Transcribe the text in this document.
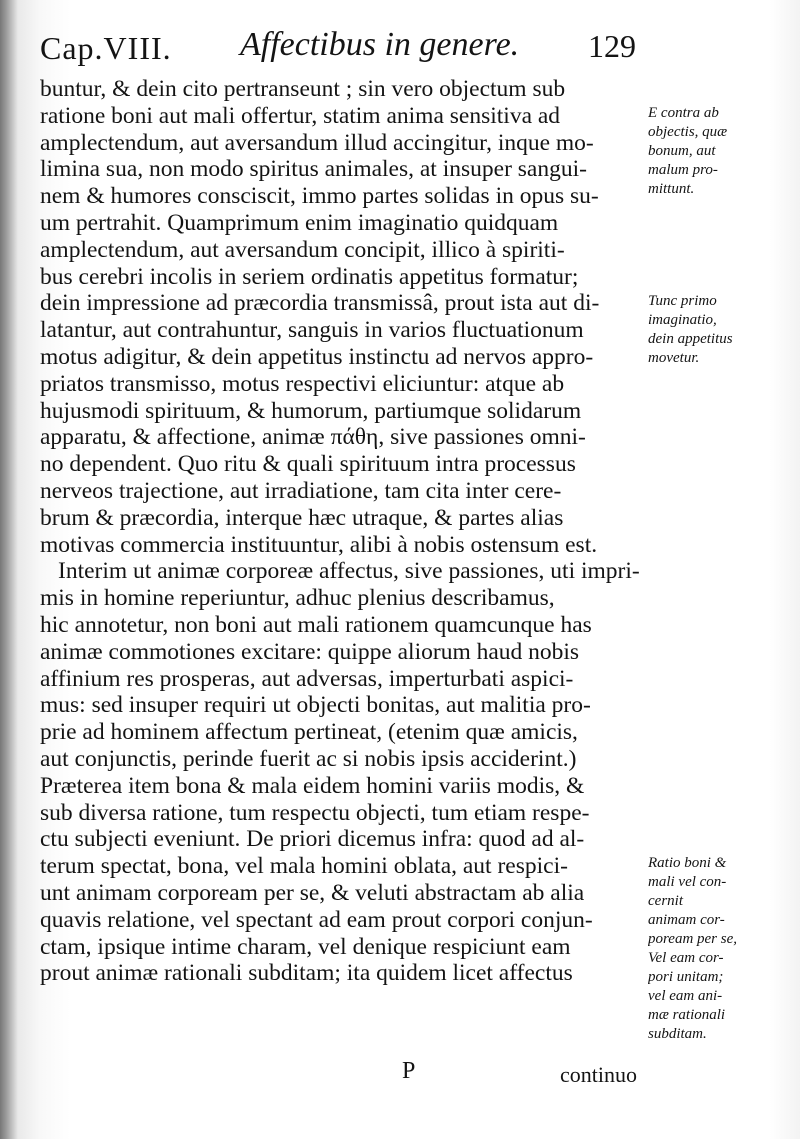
Cap.VIII. Affectibus in genere. 129
buntur, & dein cito pertranseunt ; sin vero objectum sub
ratione boni aut mali offertur, statim anima sensitiva ad
amplectendum, aut aversandum illud accingitur, inque mo-
limina sua, non modo spiritus animales, at insuper sangui-
nem & humores consciscit, immo partes solidas in opus su-
um pertrahit. Quamprimum enim imaginatio quidquam
amplectendum, aut aversandum concipit, illico à spiriti-
bus cerebri incolis in seriem ordinatis appetitus formatur;
dein impressione ad præcordia transmissâ, prout ista aut di-
latantur, aut contrahuntur, sanguis in varios fluctuationum
motus adigitur, & dein appetitus instinctu ad nervos appro-
priatos transmisso, motus respectivi eliciuntur: atque ab
hujusmodi spirituum, & humorum, partiumque solidarum
apparatu, & affectione, animæ πάθη, sive passiones omni-
no dependent. Quo ritu & quali spirituum intra processus
nerveos trajectione, aut irradiatione, tam cita inter cere-
brum & præcordia, interque hæc utraque, & partes alias
motivas commercia instituuntur, alibi à nobis ostensum est.
Interim ut animæ corporeæ affectus, sive passiones, uti impri-
mis in homine reperiuntur, adhuc plenius describamus,
hic annotetur, non boni aut mali rationem quamcunque has
animæ commotiones excitare: quippe aliorum haud nobis
affinium res prosperas, aut adversas, imperturbati aspici-
mus: sed insuper requiri ut objecti bonitas, aut malitia pro-
prie ad hominem affectum pertineat, (etenim quæ amicis,
aut conjunctis, perinde fuerit ac si nobis ipsis acciderint.)
Præterea item bona & mala eidem homini variis modis, &
sub diversa ratione, tum respectu objecti, tum etiam respe-
ctu subjecti eveniunt. De priori dicemus infra: quod ad al-
terum spectat, bona, vel mala homini oblata, aut respici-
unt animam corpoream per se, & veluti abstractam ab alia
quavis relatione, vel spectant ad eam prout corpori conjun-
ctam, ipsique intime charam, vel denique respiciunt eam
prout animæ rationali subditam; ita quidem licet affectus
E contra ab
objectis, quæ
bonum, aut
malum pro-
mittunt.
Tunc primo
imaginatio,
dein appetitus
movetur.
Ratio boni &
mali vel con-
cernit
animam cor-
poream per se,
Vel eam cor-
pori unitam;
vel eam ani-
mæ rationali
subditam.
P	continuo
